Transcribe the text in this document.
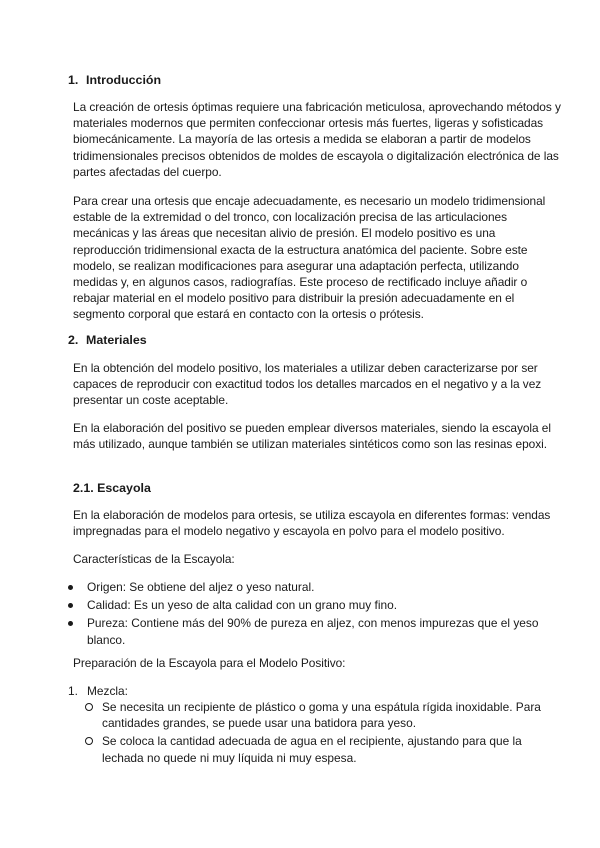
1. Introducción

La creación de ortesis óptimas requiere una fabricación meticulosa, aprovechando métodos y materiales modernos que permiten confeccionar ortesis más fuertes, ligeras y sofisticadas biomecánicamente. La mayoría de las ortesis a medida se elaboran a partir de modelos tridimensionales precisos obtenidos de moldes de escayola o digitalización electrónica de las partes afectadas del cuerpo.

Para crear una ortesis que encaje adecuadamente, es necesario un modelo tridimensional estable de la extremidad o del tronco, con localización precisa de las articulaciones mecánicas y las áreas que necesitan alivio de presión. El modelo positivo es una reproducción tridimensional exacta de la estructura anatómica del paciente. Sobre este modelo, se realizan modificaciones para asegurar una adaptación perfecta, utilizando medidas y, en algunos casos, radiografías. Este proceso de rectificado incluye añadir o rebajar material en el modelo positivo para distribuir la presión adecuadamente en el segmento corporal que estará en contacto con la ortesis o prótesis.

2. Materiales

En la obtención del modelo positivo, los materiales a utilizar deben caracterizarse por ser capaces de reproducir con exactitud todos los detalles marcados en el negativo y a la vez presentar un coste aceptable.

En la elaboración del positivo se pueden emplear diversos materiales, siendo la escayola el más utilizado, aunque también se utilizan materiales sintéticos como son las resinas epoxi.

2.1. Escayola

En la elaboración de modelos para ortesis, se utiliza escayola en diferentes formas: vendas impregnadas para el modelo negativo y escayola en polvo para el modelo positivo.

Características de la Escayola:

Origen: Se obtiene del aljez o yeso natural.
Calidad: Es un yeso de alta calidad con un grano muy fino.
Pureza: Contiene más del 90% de pureza en aljez, con menos impurezas que el yeso blanco.

Preparación de la Escayola para el Modelo Positivo:

1. Mezcla:
Se necesita un recipiente de plástico o goma y una espátula rígida inoxidable. Para cantidades grandes, se puede usar una batidora para yeso.
Se coloca la cantidad adecuada de agua en el recipiente, ajustando para que la lechada no quede ni muy líquida ni muy espesa.
